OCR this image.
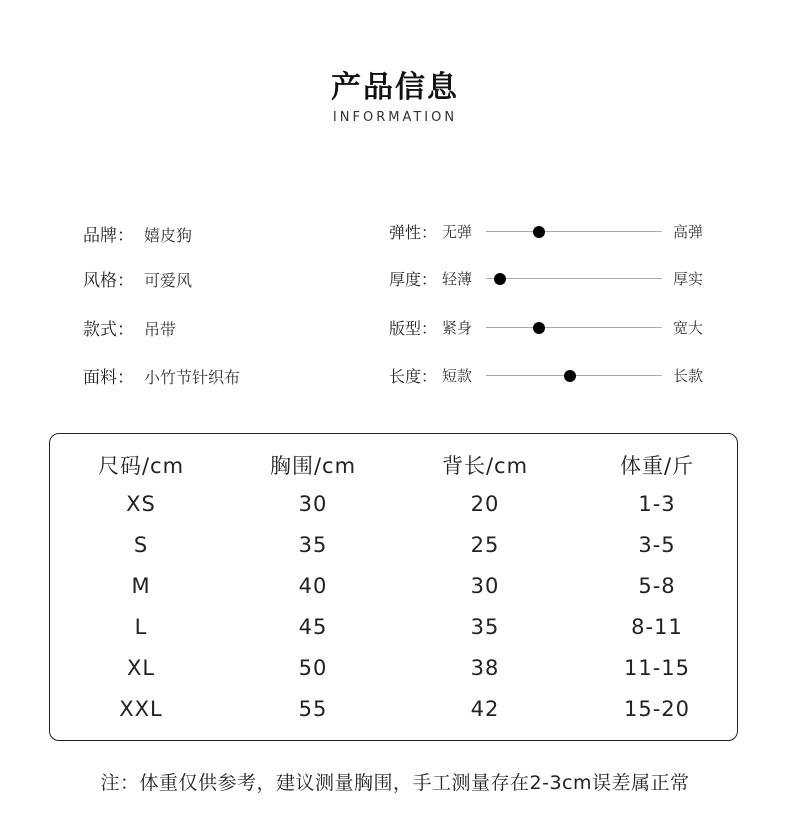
产品信息
INFORMATION
品牌： 嬉皮狗
风格： 可爱风
款式： 吊带
面料： 小竹节针织布
弹性： 无弹	高弹
厚度： 轻薄	厚实
版型： 紧身	宽大
长度： 短款	长款
尺码/cm	胸围/cm	背长/cm	体重/斤
XS	30	20	1-3
S	35	25	3-5
M	40	30	5-8
L	45	35	8-11
XL	50	38	11-15
XXL	55	42	15-20
注：体重仅供参考，建议测量胸围，手工测量存在2-3cm误差属正常
